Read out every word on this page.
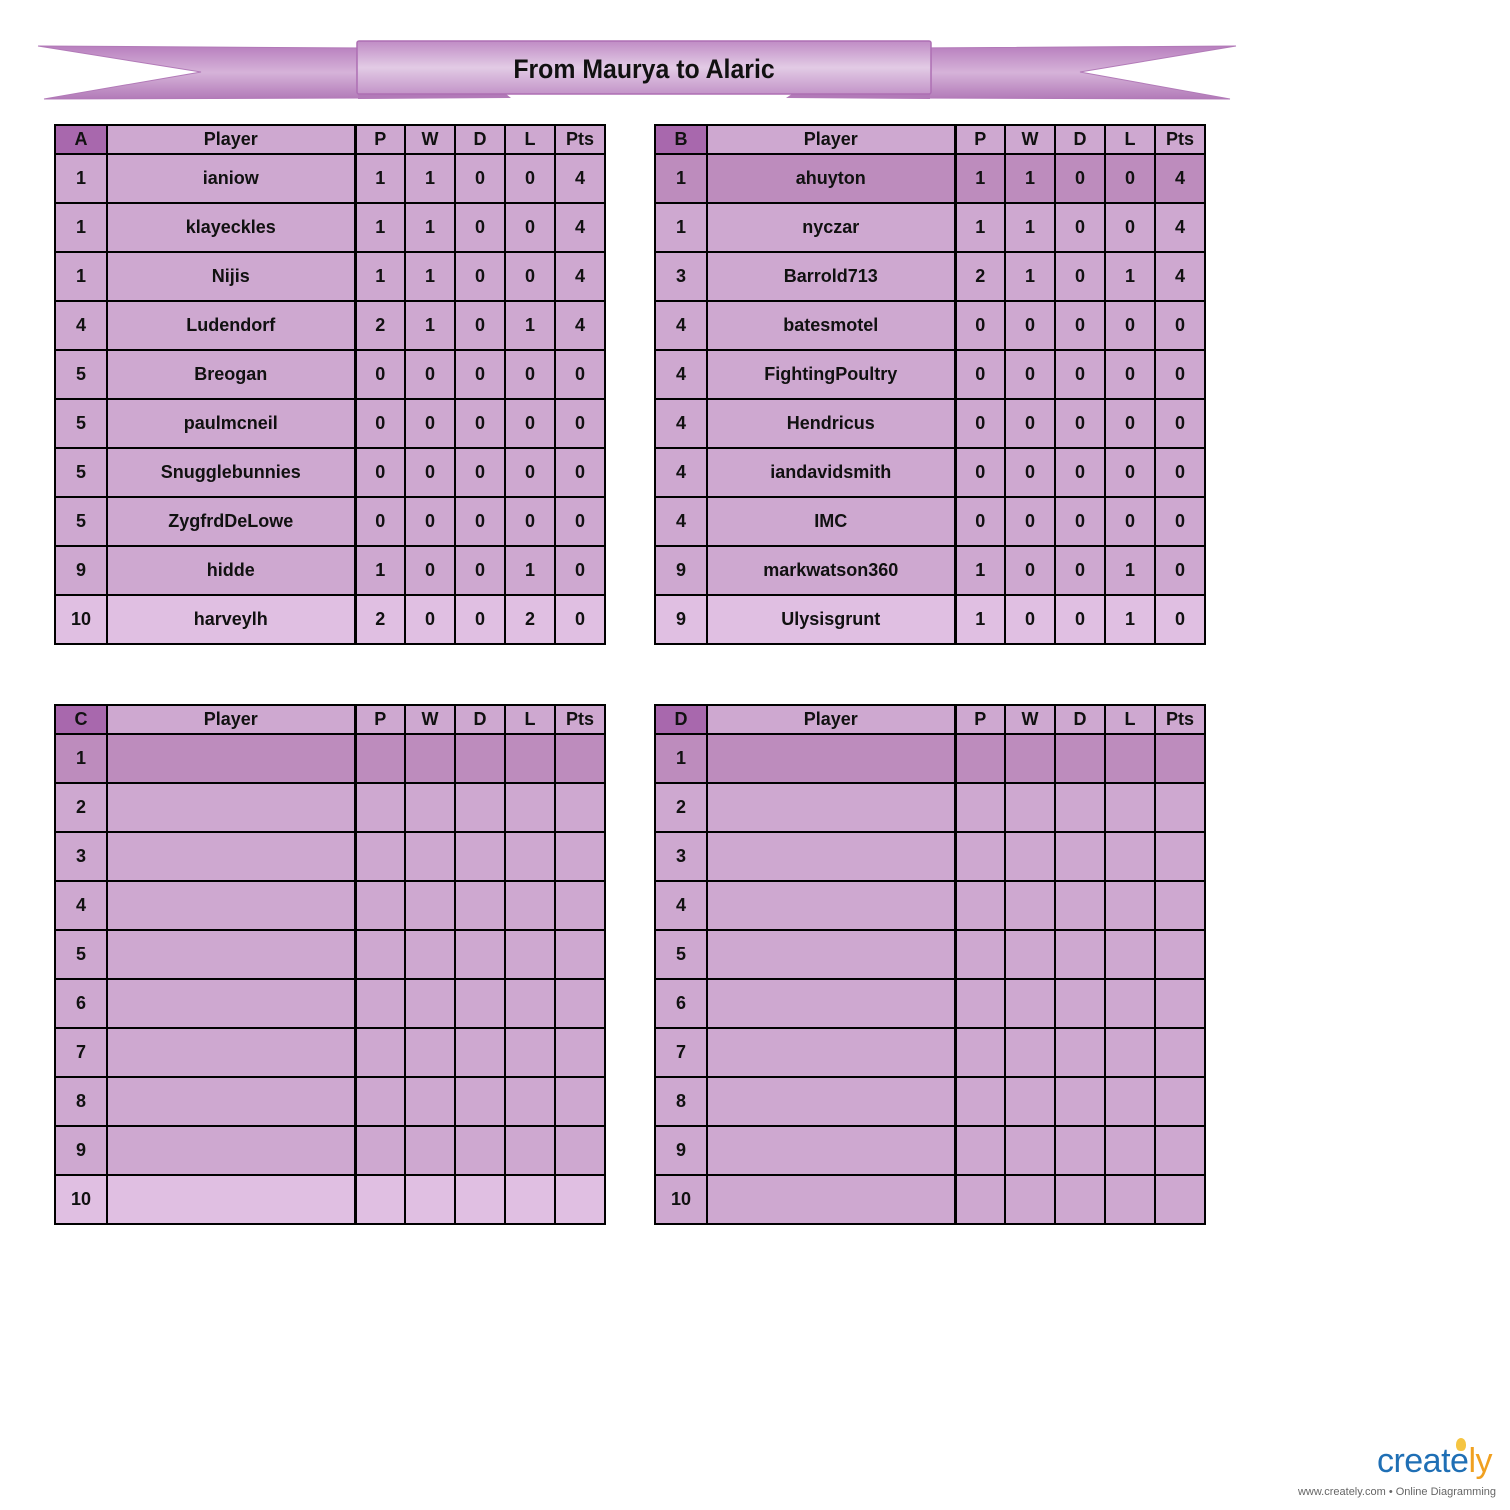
From Maurya to Alaric
A	Player	P	W	D	L	Pts
1	ianiow	1	1	0	0	4
1	klayeckles	1	1	0	0	4
1	Nijis	1	1	0	0	4
4	Ludendorf	2	1	0	1	4
5	Breogan	0	0	0	0	0
5	paulmcneil	0	0	0	0	0
5	Snugglebunnies	0	0	0	0	0
5	ZygfrdDeLowe	0	0	0	0	0
9	hidde	1	0	0	1	0
10	harveylh	2	0	0	2	0
B	Player	P	W	D	L	Pts
1	ahuyton	1	1	0	0	4
1	nyczar	1	1	0	0	4
3	Barrold713	2	1	0	1	4
4	batesmotel	0	0	0	0	0
4	FightingPoultry	0	0	0	0	0
4	Hendricus	0	0	0	0	0
4	iandavidsmith	0	0	0	0	0
4	IMC	0	0	0	0	0
9	markwatson360	1	0	0	1	0
9	Ulysisgrunt	1	0	0	1	0
C	Player	P	W	D	L	Pts
1						
2						
3						
4						
5						
6						
7						
8						
9						
10						
D	Player	P	W	D	L	Pts
1						
2						
3						
4						
5						
6						
7						
8						
9						
10						
creately
www.creately.com • Online Diagramming
